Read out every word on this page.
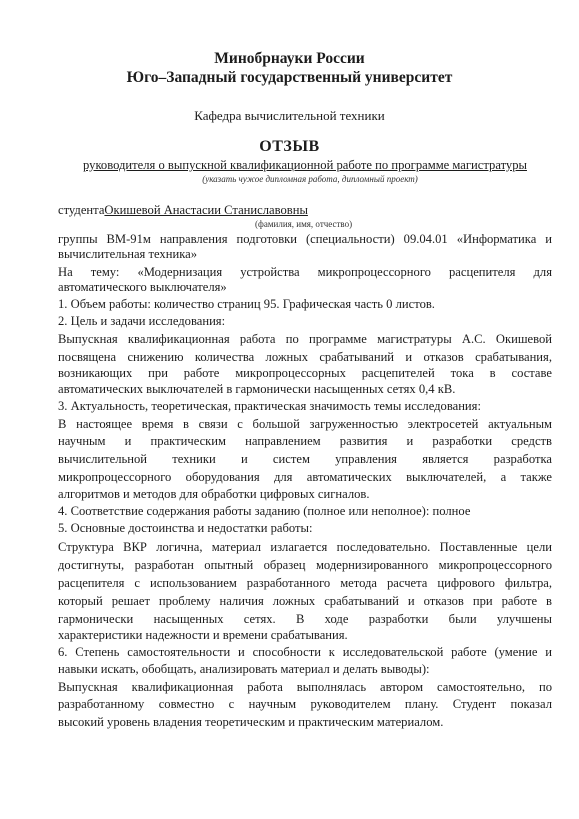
Минобрнауки России
Юго–Западный государственный университет
Кафедра вычислительной техники
ОТЗЫВ
руководителя о выпускной квалификационной работе по программе магистратуры
(указать чужое дипломная работа, дипломный проект)
студентаОкишевой Анастасии Станиславовны
(фамилия, имя, отчество)
группы ВМ-91м направления подготовки (специальности) 09.04.01 «Информатика и
вычислительная техника»
На тему: «Модернизация устройства микропроцессорного расцепителя для
автоматического выключателя»
1. Объем работы: количество страниц 95. Графическая часть 0 листов.
2. Цель и задачи исследования:
Выпускная квалификационная работа по программе магистратуры А.С. Окишевой
посвящена снижению количества ложных срабатываний и отказов срабатывания,
возникающих при работе микропроцессорных расцепителей тока в составе
автоматических выключателей в гармонически насыщенных сетях 0,4 кВ.
3. Актуальность, теоретическая, практическая значимость темы исследования:
В настоящее время в связи с большой загруженностью электросетей актуальным
научным и практическим направлением развития и разработки средств
вычислительной техники и систем управления является разработка
микропроцессорного оборудования для автоматических выключателей, а также
алгоритмов и методов для обработки цифровых сигналов.
4. Соответствие содержания работы заданию (полное или неполное): полное
5. Основные достоинства и недостатки работы:
Структура ВКР логична, материал излагается последовательно. Поставленные цели
достигнуты, разработан опытный образец модернизированного микропроцессорного
расцепителя с использованием разработанного метода расчета цифрового фильтра,
который решает проблему наличия ложных срабатываний и отказов при работе в
гармонически насыщенных сетях. В ходе разработки были улучшены
характеристики надежности и времени срабатывания.
6. Степень самостоятельности и способности к исследовательской работе (умение и
навыки искать, обобщать, анализировать материал и делать выводы):
Выпускная квалификационная работа выполнялась автором самостоятельно, по
разработанному совместно с научным руководителем плану. Студент показал
высокий уровень владения теоретическим и практическим материалом.
